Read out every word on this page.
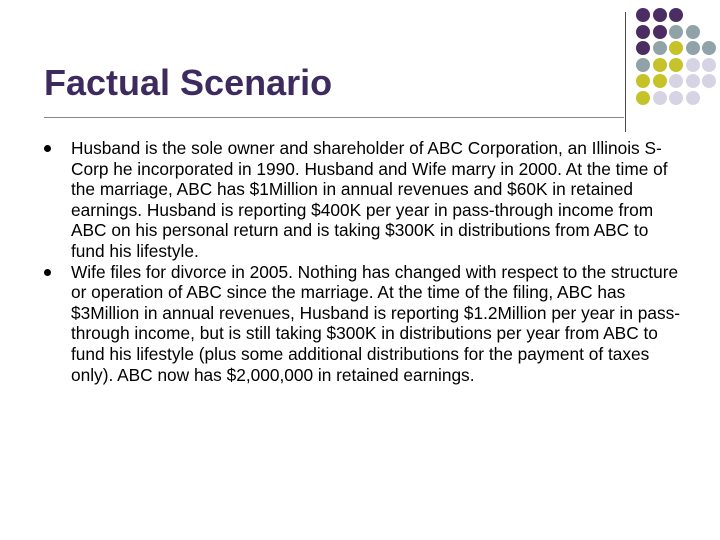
Factual Scenario
Husband is the sole owner and shareholder of ABC Corporation, an Illinois S-Corp he incorporated in 1990. Husband and Wife marry in 2000. At the time of the marriage, ABC has $1Million in annual revenues and $60K in retained earnings. Husband is reporting $400K per year in pass-through income from ABC on his personal return and is taking $300K in distributions from ABC to fund his lifestyle.
Wife files for divorce in 2005. Nothing has changed with respect to the structure or operation of ABC since the marriage. At the time of the filing, ABC has $3Million in annual revenues, Husband is reporting $1.2Million per year in pass-through income, but is still taking $300K in distributions per year from ABC to fund his lifestyle (plus some additional distributions for the payment of taxes only). ABC now has $2,000,000 in retained earnings.
